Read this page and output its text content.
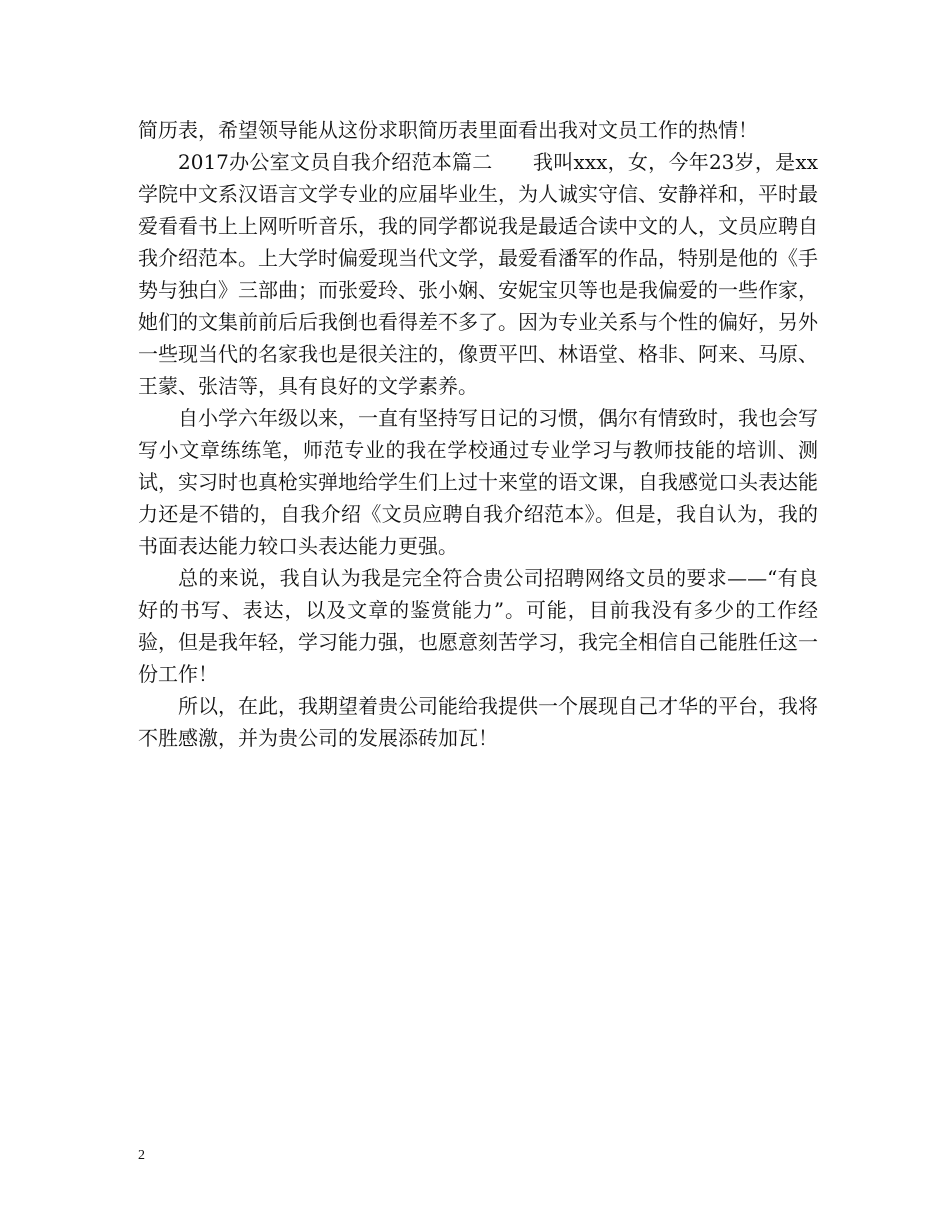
简历表，希望领导能从这份求职简历表里面看出我对文员工作的热情！

2017办公室文员自我介绍范本篇二　　我叫xxx，女，今年23岁，是xx学院中文系汉语言文学专业的应届毕业生，为人诚实守信、安静祥和，平时最爱看看书上上网听听音乐，我的同学都说我是最适合读中文的人，文员应聘自我介绍范本。上大学时偏爱现当代文学，最爱看潘军的作品，特别是他的《手势与独白》三部曲；而张爱玲、张小娴、安妮宝贝等也是我偏爱的一些作家，她们的文集前前后后我倒也看得差不多了。因为专业关系与个性的偏好，另外一些现当代的名家我也是很关注的，像贾平凹、林语堂、格非、阿来、马原、王蒙、张洁等，具有良好的文学素养。

自小学六年级以来，一直有坚持写日记的习惯，偶尔有情致时，我也会写写小文章练练笔，师范专业的我在学校通过专业学习与教师技能的培训、测试，实习时也真枪实弹地给学生们上过十来堂的语文课，自我感觉口头表达能力还是不错的，自我介绍《文员应聘自我介绍范本》。但是，我自认为，我的书面表达能力较口头表达能力更强。

总的来说，我自认为我是完全符合贵公司招聘网络文员的要求——“有良好的书写、表达，以及文章的鉴赏能力”。可能，目前我没有多少的工作经验，但是我年轻，学习能力强，也愿意刻苦学习，我完全相信自己能胜任这一份工作！

所以，在此，我期望着贵公司能给我提供一个展现自己才华的平台，我将不胜感激，并为贵公司的发展添砖加瓦！

2
